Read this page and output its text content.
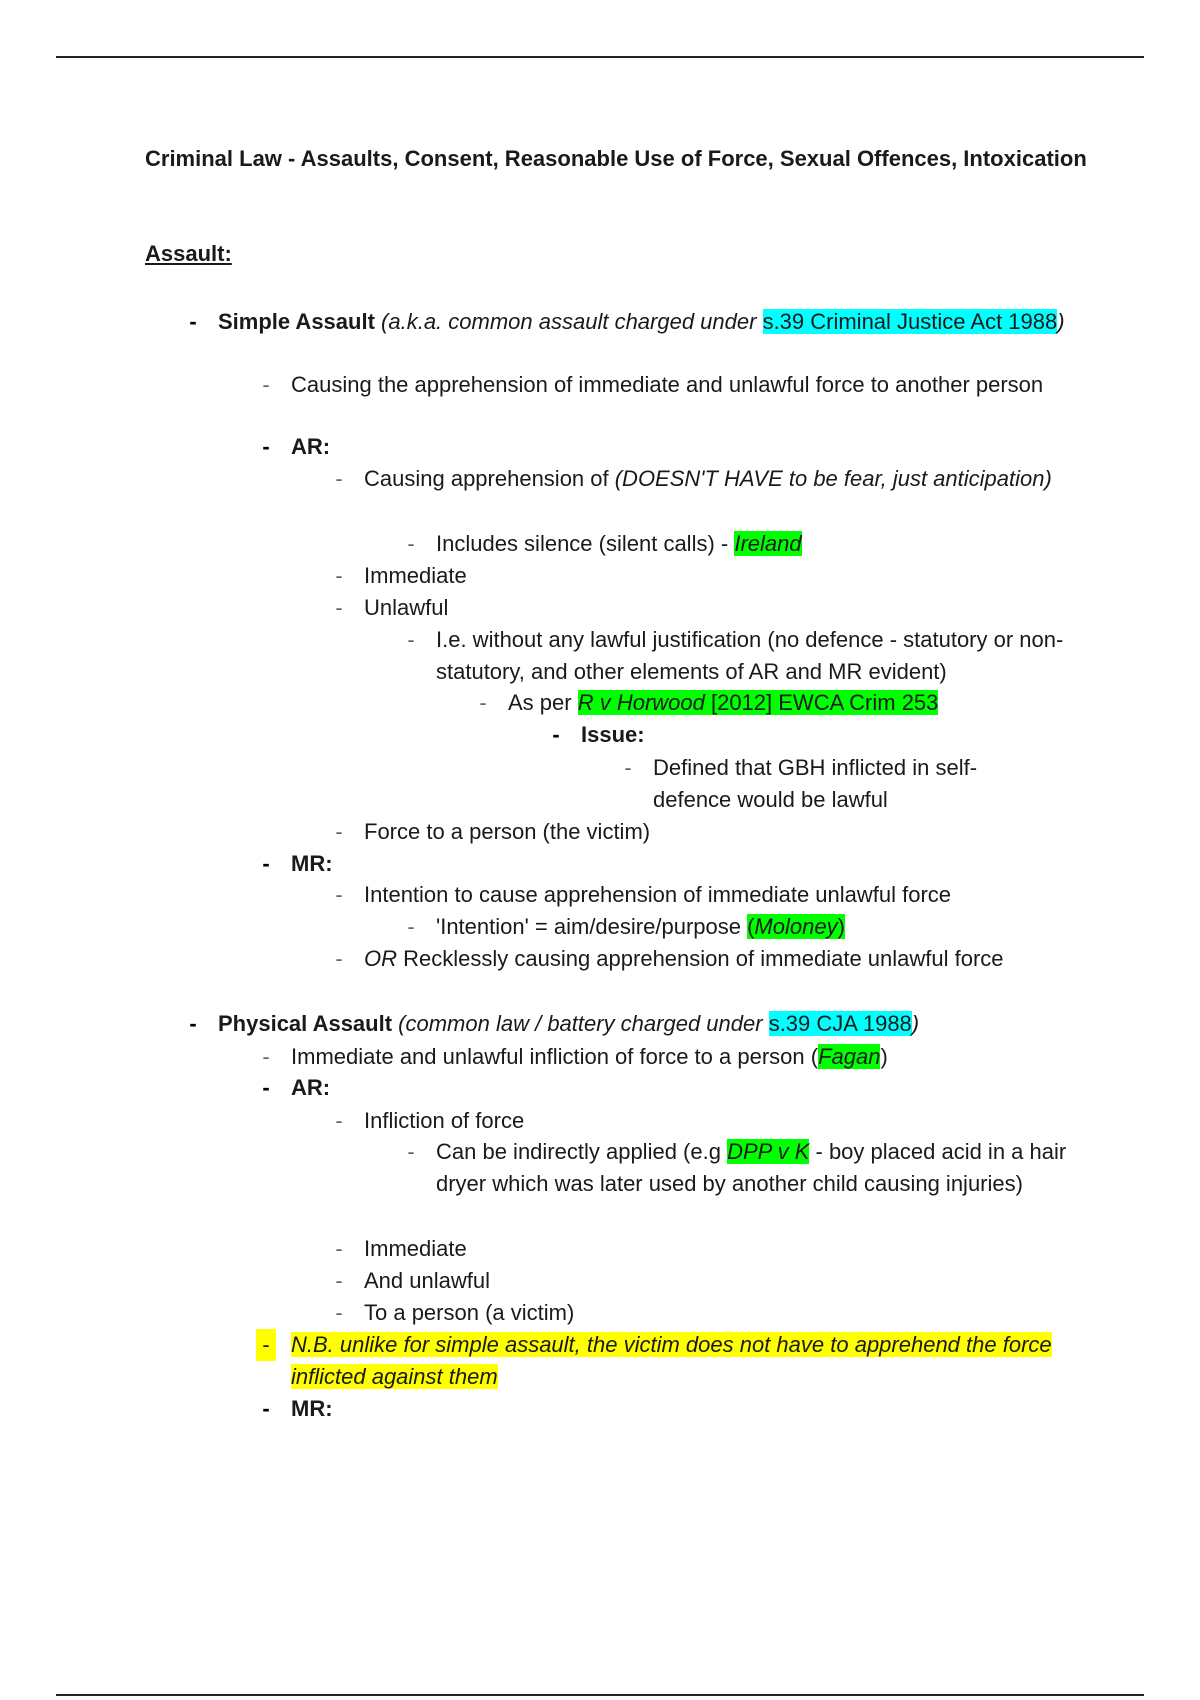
Criminal Law - Assaults, Consent, Reasonable Use of Force, Sexual Offences, Intoxication
Assault:
- Simple Assault (a.k.a. common assault charged under s.39 Criminal Justice Act 1988)
- Causing the apprehension of immediate and unlawful force to another person
- AR:
- Causing apprehension of (DOESN'T HAVE to be fear, just anticipation)
- Includes silence (silent calls) - Ireland
- Immediate
- Unlawful
- I.e. without any lawful justification (no defence - statutory or non-statutory, and other elements of AR and MR evident)
- As per R v Horwood [2012] EWCA Crim 253
- Issue:
- Defined that GBH inflicted in self-defence would be lawful
- Force to a person (the victim)
- MR:
- Intention to cause apprehension of immediate unlawful force
- 'Intention' = aim/desire/purpose (Moloney)
- OR Recklessly causing apprehension of immediate unlawful force
- Physical Assault (common law / battery charged under s.39 CJA 1988)
- Immediate and unlawful infliction of force to a person (Fagan)
- AR:
- Infliction of force
- Can be indirectly applied (e.g DPP v K - boy placed acid in a hair dryer which was later used by another child causing injuries)
- Immediate
- And unlawful
- To a person (a victim)
- N.B. unlike for simple assault, the victim does not have to apprehend the force inflicted against them
- MR:
